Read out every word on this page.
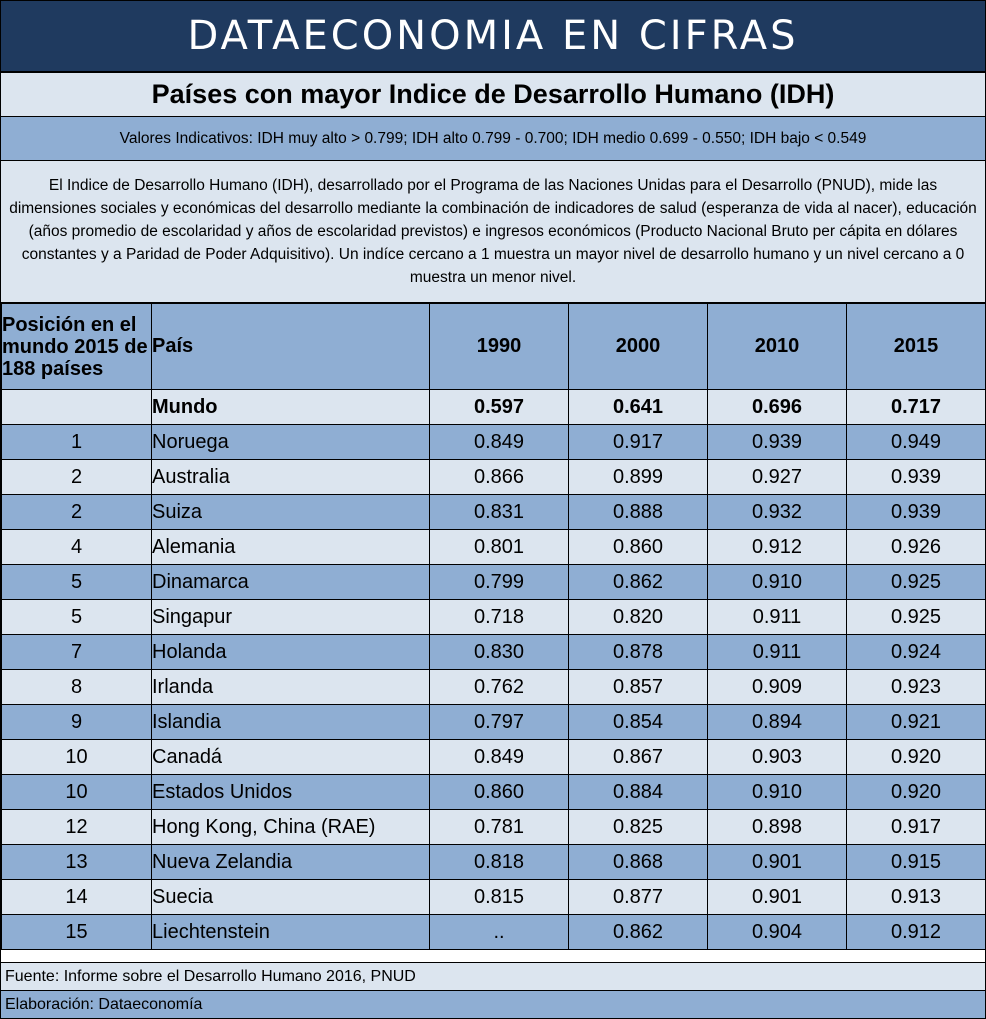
DATAECONOMIA EN CIFRAS
Países con mayor Indice de Desarrollo Humano (IDH)
Valores Indicativos: IDH muy alto > 0.799; IDH alto 0.799 - 0.700; IDH medio 0.699 - 0.550; IDH bajo < 0.549
El Indice de Desarrollo Humano (IDH), desarrollado por el Programa de las Naciones Unidas para el Desarrollo (PNUD), mide las dimensiones sociales y económicas del desarrollo mediante la combinación de indicadores de salud (esperanza de vida al nacer), educación (años promedio de escolaridad y años de escolaridad previstos) e ingresos económicos (Producto Nacional Bruto per cápita en dólares constantes y a Paridad de Poder Adquisitivo). Un indíce cercano a 1 muestra un mayor nivel de desarrollo humano y un nivel cercano a 0 muestra un menor nivel.
Posición en el mundo 2015 de 188 países	País	1990	2000	2010	2015
	Mundo	0.597	0.641	0.696	0.717
1	Noruega	0.849	0.917	0.939	0.949
2	Australia	0.866	0.899	0.927	0.939
2	Suiza	0.831	0.888	0.932	0.939
4	Alemania	0.801	0.860	0.912	0.926
5	Dinamarca	0.799	0.862	0.910	0.925
5	Singapur	0.718	0.820	0.911	0.925
7	Holanda	0.830	0.878	0.911	0.924
8	Irlanda	0.762	0.857	0.909	0.923
9	Islandia	0.797	0.854	0.894	0.921
10	Canadá	0.849	0.867	0.903	0.920
10	Estados Unidos	0.860	0.884	0.910	0.920
12	Hong Kong, China (RAE)	0.781	0.825	0.898	0.917
13	Nueva Zelandia	0.818	0.868	0.901	0.915
14	Suecia	0.815	0.877	0.901	0.913
15	Liechtenstein	..	0.862	0.904	0.912
Fuente: Informe sobre el Desarrollo Humano 2016, PNUD
Elaboración: Dataeconomía
